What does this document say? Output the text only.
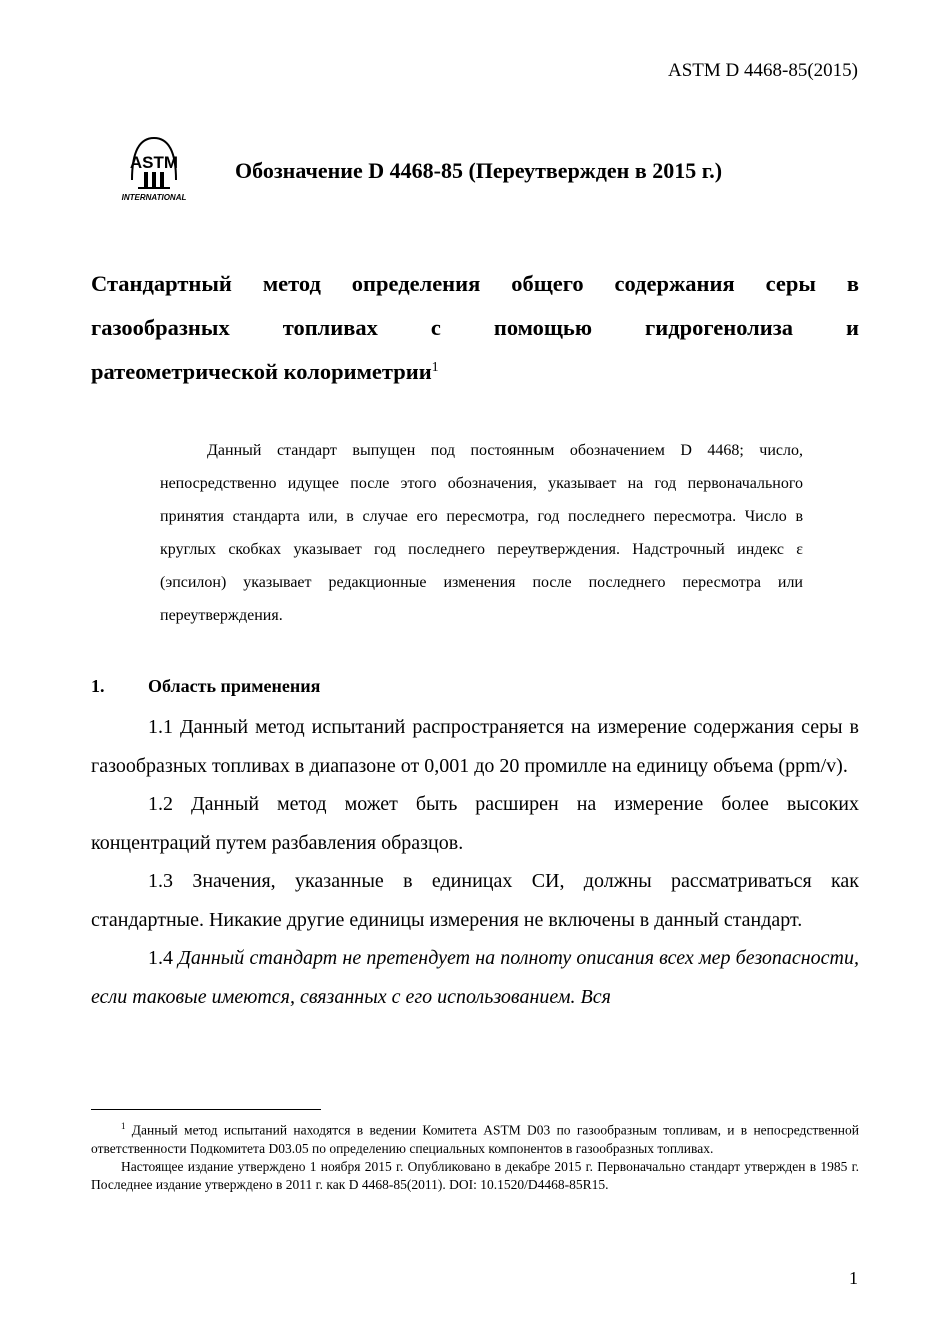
ASTM D 4468-85(2015)
ASTM
INTERNATIONAL
Обозначение D 4468-85 (Переутвержден в 2015 г.)
Стандартный метод определения общего содержания серы в
газообразных топливах с помощью гидрогенолиза и
ратеометрической колориметрии$^1$
Данный стандарт выпущен под постоянным обозначением D 4468; число, непосредственно идущее после этого обозначения, указывает на год первоначального принятия стандарта или, в случае его пересмотра, год последнего пересмотра. Число в круглых скобках указывает год последнего переутверждения. Надстрочный индекс ε (эпсилон) указывает редакционные изменения после последнего пересмотра или переутверждения.
1. Область применения

1.1 Данный метод испытаний распространяется на измерение содержания серы в газообразных топливах в диапазоне от 0,001 до 20 промилле на единицу объема (ppm/v).

1.2 Данный метод может быть расширен на измерение более высоких концентраций путем разбавления образцов.

1.3 Значения, указанные в единицах СИ, должны рассматриваться как стандартные. Никакие другие единицы измерения не включены в данный стандарт.

1.4 Данный стандарт не претендует на полноту описания всех мер безопасности, если таковые имеются, связанных с его использованием. Вся

$^1$ Данный метод испытаний находятся в ведении Комитета ASTM D03 по газообразным топливам, и в непосредственной ответственности Подкомитета D03.05 по определению специальных компонентов в газообразных топливах.

Настоящее издание утверждено 1 ноября 2015 г. Опубликовано в декабре 2015 г. Первоначально стандарт утвержден в 1985 г. Последнее издание утверждено в 2011 г. как D 4468-85(2011). DOI: 10.1520/D4468-85R15.

1
